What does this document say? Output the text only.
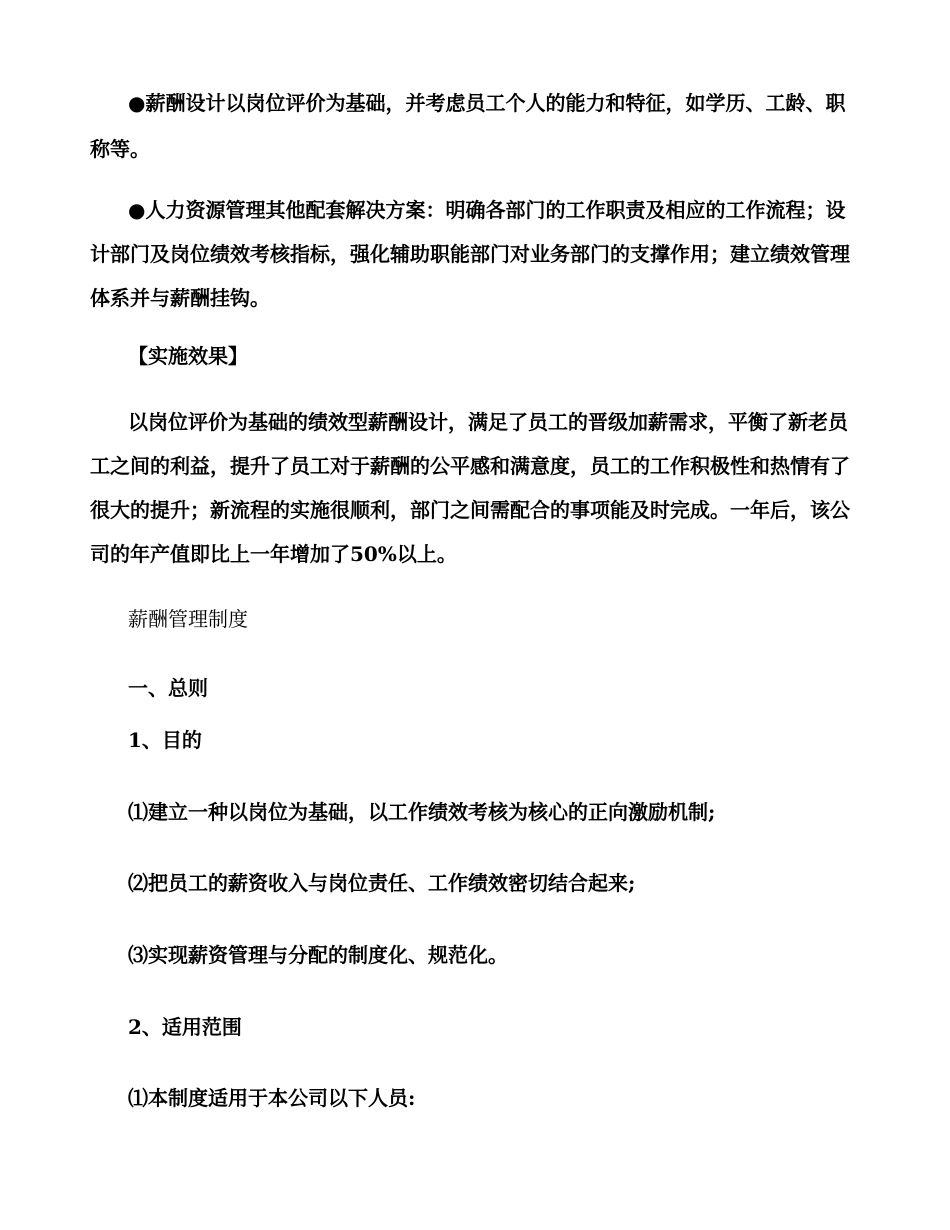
●薪酬设计以岗位评价为基础，并考虑员工个人的能力和特征，如学历、工龄、职称等。

●人力资源管理其他配套解决方案：明确各部门的工作职责及相应的工作流程；设计部门及岗位绩效考核指标，强化辅助职能部门对业务部门的支撑作用；建立绩效管理体系并与薪酬挂钩。

【实施效果】

以岗位评价为基础的绩效型薪酬设计，满足了员工的晋级加薪需求，平衡了新老员工之间的利益，提升了员工对于薪酬的公平感和满意度，员工的工作积极性和热情有了很大的提升；新流程的实施很顺利，部门之间需配合的事项能及时完成。一年后，该公司的年产值即比上一年增加了50%以上。

薪酬管理制度

一、总则

1、目的

⑴建立一种以岗位为基础，以工作绩效考核为核心的正向激励机制;

⑵把员工的薪资收入与岗位责任、工作绩效密切结合起来;

⑶实现薪资管理与分配的制度化、规范化。

2、适用范围

⑴本制度适用于本公司以下人员:
